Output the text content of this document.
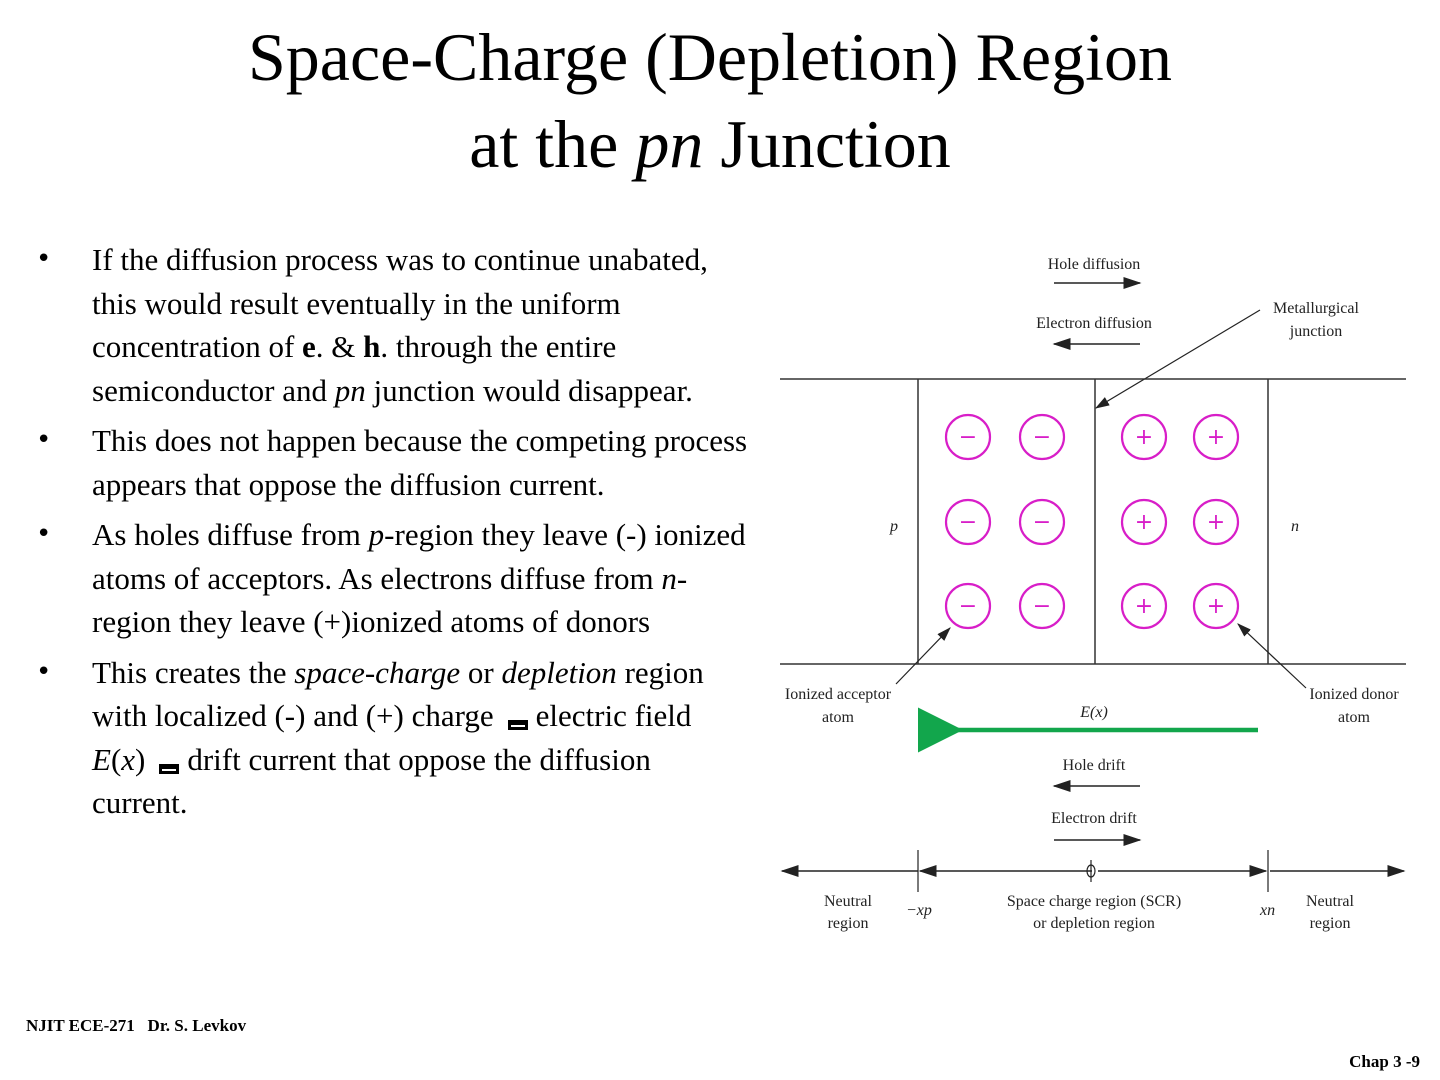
Space-Charge (Depletion) Region
at the pn Junction
• If the diffusion process was to continue unabated, this would result eventually in the uniform concentration of e. & h. through the entire semiconductor and pn junction would disappear.
• This does not happen because the competing process appears that oppose the diffusion current.
• As holes diffuse from p-region they leave (-) ionized atoms of acceptors. As electrons diffuse from n-region they leave (+)ionized atoms of donors
• This creates the space-charge or depletion region with localized (-) and (+) charge electric field E(x) drift current that oppose the diffusion current.
Hole diffusion
Electron diffusion
Metallurgical
junction
p	n
−	−	+ +
−	−	+ +
−	−	+ +
Ionized acceptor
atom
Ionized donor
atom
E(x)
Hole drift
Electron drift
Neutral
region
−xp
Space charge region (SCR)
or depletion region
xn
Neutral
region
NJIT ECE-271   Dr. S. Levkov
Chap 3 -9
